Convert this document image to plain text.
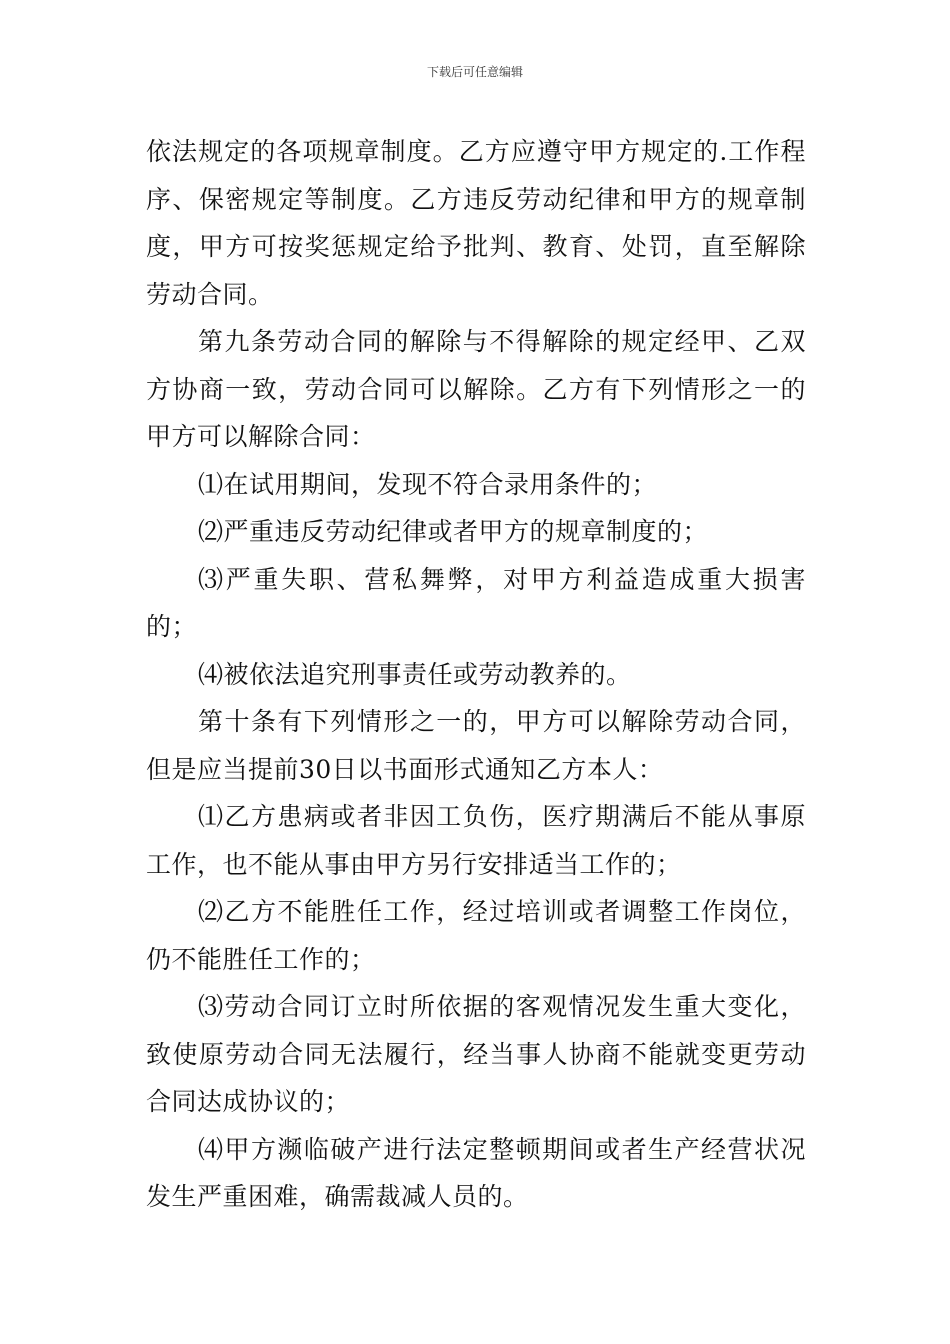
下载后可任意编辑

依法规定的各项规章制度。乙方应遵守甲方规定的.工作程序、保密规定等制度。乙方违反劳动纪律和甲方的规章制度，甲方可按奖惩规定给予批判、教育、处罚，直至解除劳动合同。

第九条劳动合同的解除与不得解除的规定经甲、乙双方协商一致，劳动合同可以解除。乙方有下列情形之一的甲方可以解除合同：

⑴在试用期间，发现不符合录用条件的；

⑵严重违反劳动纪律或者甲方的规章制度的；

⑶严重失职、营私舞弊，对甲方利益造成重大损害的；

⑷被依法追究刑事责任或劳动教养的。

第十条有下列情形之一的，甲方可以解除劳动合同，但是应当提前30日以书面形式通知乙方本人：

⑴乙方患病或者非因工负伤，医疗期满后不能从事原工作，也不能从事由甲方另行安排适当工作的；

⑵乙方不能胜任工作，经过培训或者调整工作岗位，仍不能胜任工作的；

⑶劳动合同订立时所依据的客观情况发生重大变化，致使原劳动合同无法履行，经当事人协商不能就变更劳动合同达成协议的；

⑷甲方濒临破产进行法定整顿期间或者生产经营状况发生严重困难，确需裁减人员的。
